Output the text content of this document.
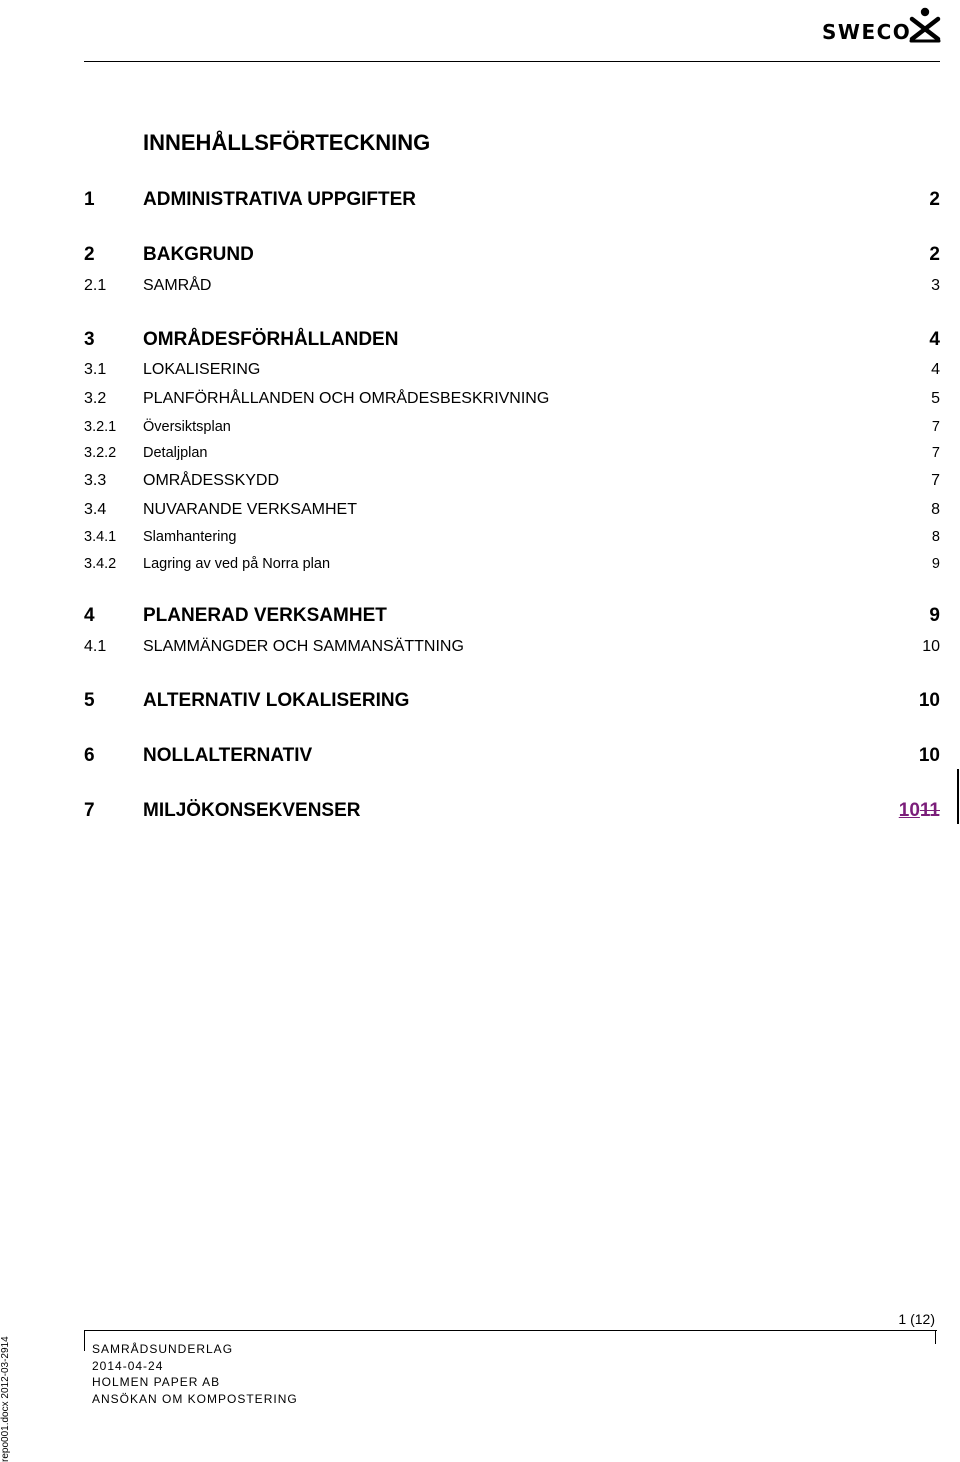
SWECO
INNEHÅLLSFÖRTECKNING
1	ADMINISTRATIVA UPPGIFTER	2
2	BAKGRUND	2
2.1	SAMRÅD	3
3	OMRÅDESFÖRHÅLLANDEN	4
3.1	LOKALISERING	4
3.2	PLANFÖRHÅLLANDEN OCH OMRÅDESBESKRIVNING	5
3.2.1	Översiktsplan	7
3.2.2	Detaljplan	7
3.3	OMRÅDESSKYDD	7
3.4	NUVARANDE VERKSAMHET	8
3.4.1	Slamhantering	8
3.4.2	Lagring av ved på Norra plan	9
4	PLANERAD VERKSAMHET	9
4.1	SLAMMÄNGDER OCH SAMMANSÄTTNING	10
5	ALTERNATIV LOKALISERING	10
6	NOLLALTERNATIV	10
7	MILJÖKONSEKVENSER	1011
1 (12)
SAMRÅDSUNDERLAG
2014-04-24
HOLMEN PAPER AB
ANSÖKAN OM KOMPOSTERING
repo001.docx 2012-03-2914
